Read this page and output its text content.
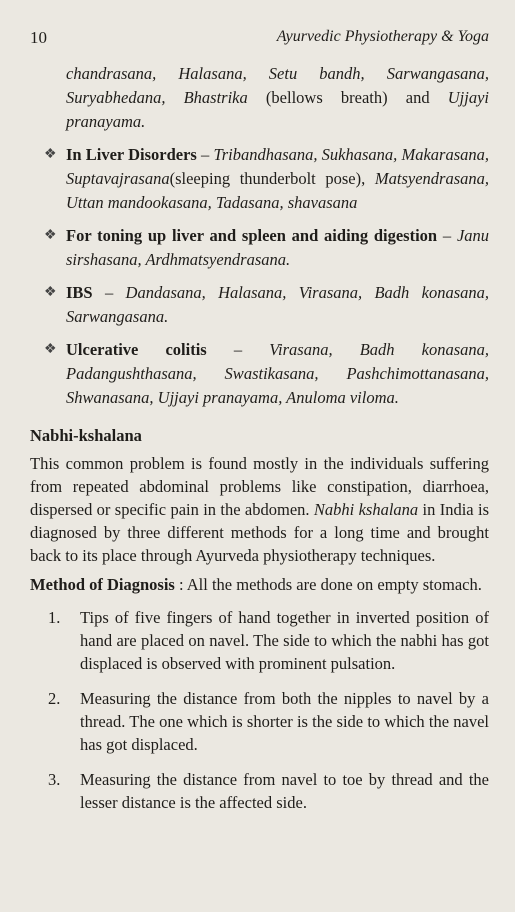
10	Ayurvedic Physiotherapy & Yoga

chandrasana, Halasana, Setu bandh, Sarwangasana, Suryabhedana, Bhastrika (bellows breath) and Ujjayi pranayama.

❖ In Liver Disorders – Tribandhasana, Sukhasana, Makarasana, Suptavajrasana(sleeping thunderbolt pose), Matsyendrasana, Uttan mandookasana, Tadasana, shavasana
❖ For toning up liver and spleen and aiding digestion – Janu sirshasana, Ardhmatsyendrasana.
❖ IBS – Dandasana, Halasana, Virasana, Badh konasana, Sarwangasana.
❖ Ulcerative colitis – Virasana, Badh konasana, Padangushthasana, Swastikasana, Pashchimottanasana, Shwanasana, Ujjayi pranayama, Anuloma viloma.
Nabhi-kshalana

This common problem is found mostly in the individuals suffering from repeated abdominal problems like constipation, diarrhoea, dispersed or specific pain in the abdomen. Nabhi kshalana in India is diagnosed by three different methods for a long time and brought back to its place through Ayurveda physiotherapy techniques.

Method of Diagnosis : All the methods are done on empty stomach.

1. Tips of five fingers of hand together in inverted position of hand are placed on navel. The side to which the nabhi has got displaced is observed with prominent pulsation.
2. Measuring the distance from both the nipples to navel by a thread. The one which is shorter is the side to which the navel has got displaced.
3. Measuring the distance from navel to toe by thread and the lesser distance is the affected side.
